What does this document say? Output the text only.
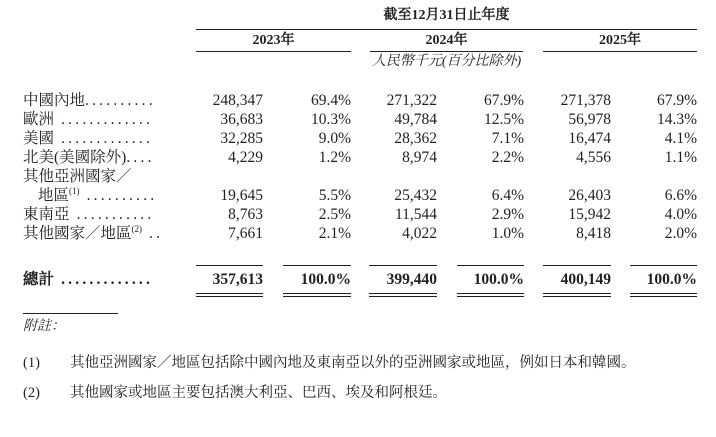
截至12月31日止年度
2023年	2024年	2025年
人民幣千元(百分比除外)
中國內地..........	248,347	69.4%	271,322	67.9%	271,378	67.9%
歐洲 .............	36,683	10.3%	49,784	12.5%	56,978	14.3%
美國 .............	32,285	9.0%	28,362	7.1%	16,474	4.1%
北美(美國除外)....	4,229	1.2%	8,974	2.2%	4,556	1.1%
其他亞洲國家／
地區$^{(1)}$ ..........	19,645	5.5%	25,432	6.4%	26,403	6.6%
東南亞 ...........	8,763	2.5%	11,544	2.9%	15,942	4.0%
其他國家／地區$^{(2)}$ ..	7,661	2.1%	4,022	1.0%	8,418	2.0%
總計 .............	357,613	100.0%	399,440	100.0%	400,149	100.0%
附註：
(1) 其他亞洲國家／地區包括除中國內地及東南亞以外的亞洲國家或地區，例如日本和韓國。
(2) 其他國家或地區主要包括澳大利亞、巴西、埃及和阿根廷。
